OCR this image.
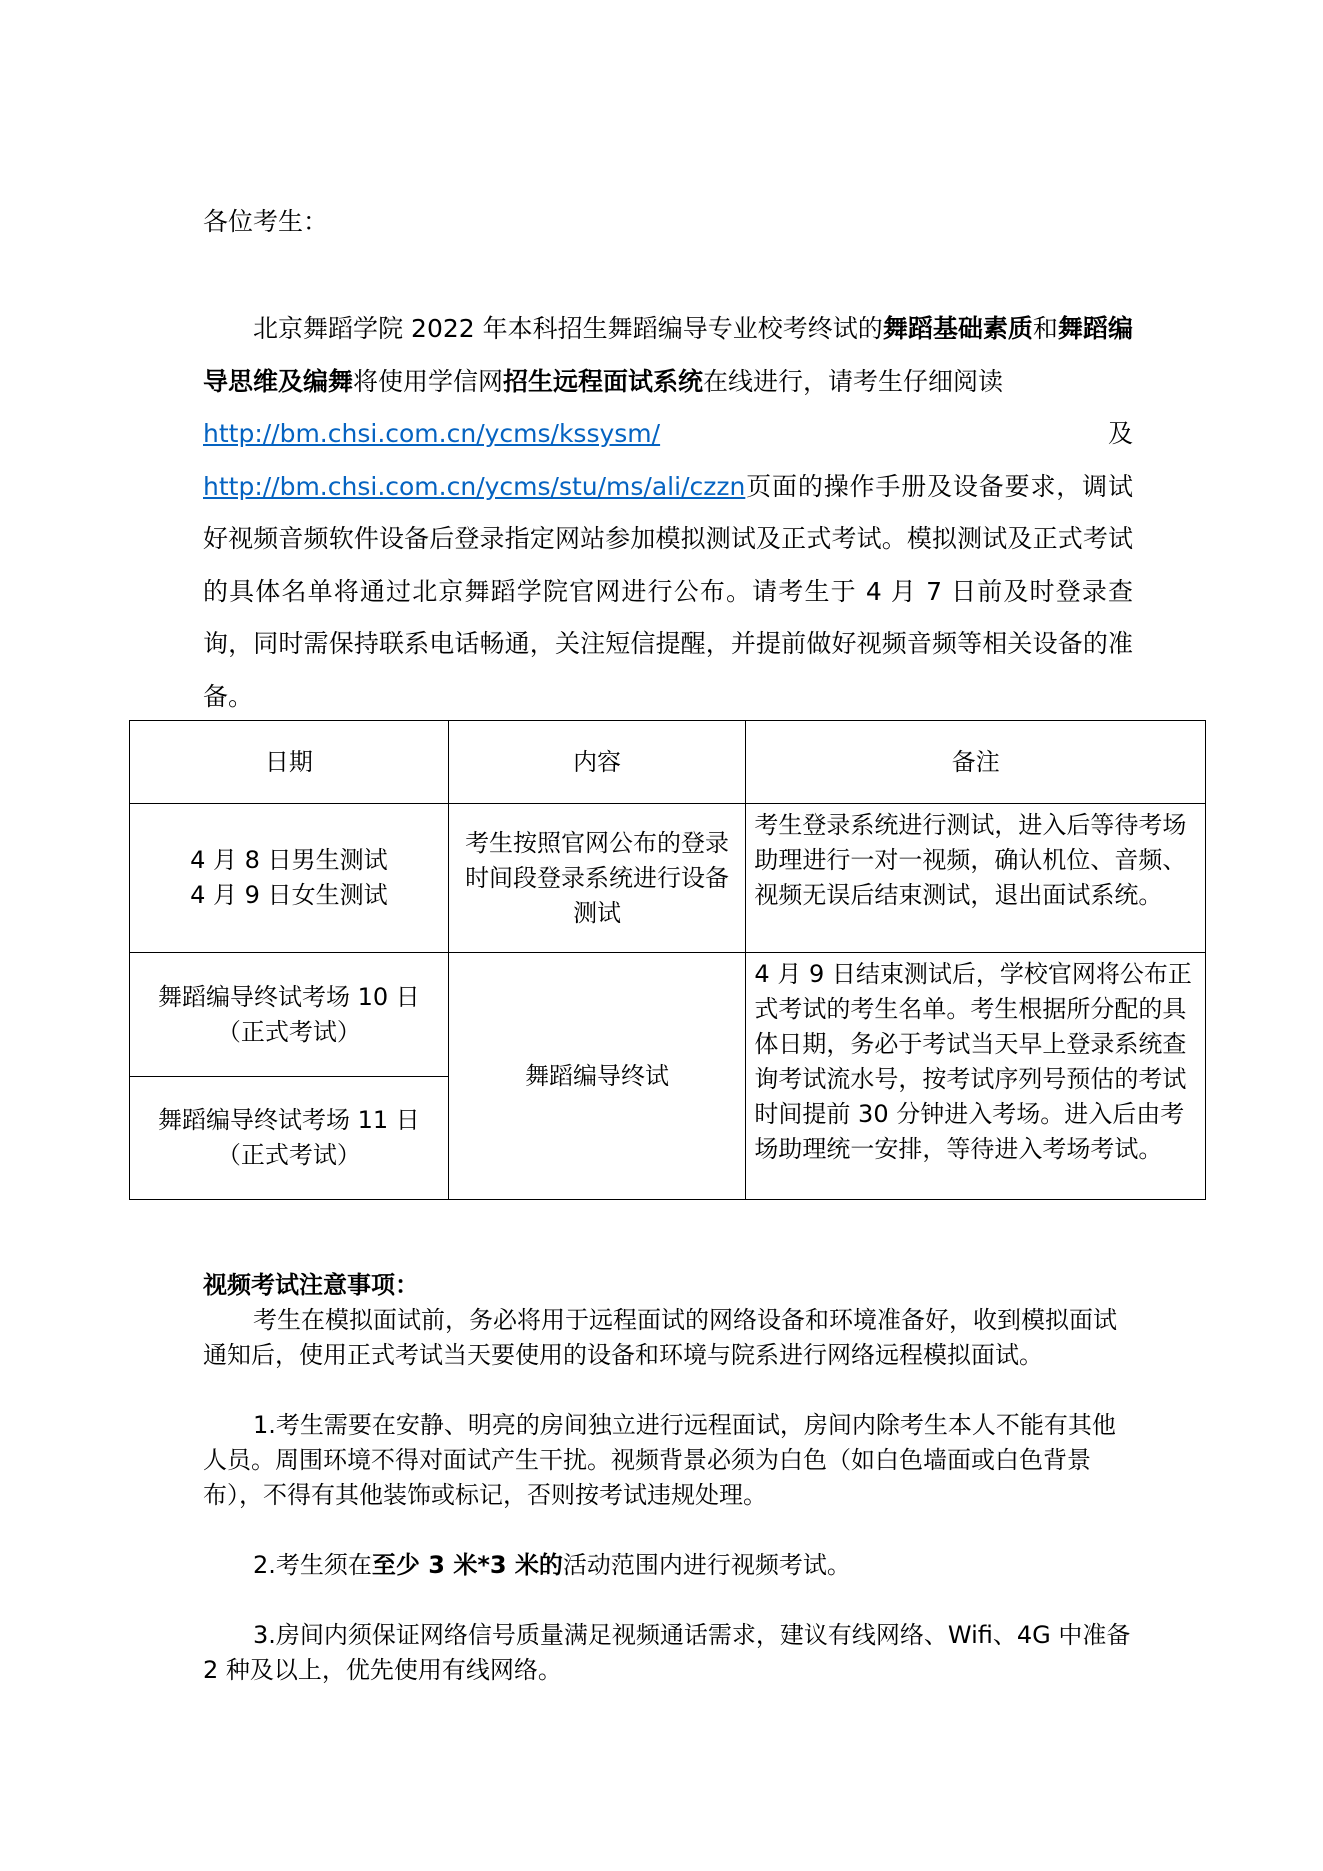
各位考生：

北京舞蹈学院 2022 年本科招生舞蹈编导专业校考终试的舞蹈基础素质和舞蹈编导思维及编舞将使用学信网招生远程面试系统在线进行，请考生仔细阅读
http://bm.chsi.com.cn/ycms/kssysm/及 http://bm.chsi.com.cn/ycms/stu/ms/ali/czzn页面的操作手册及设备要求，调试好视频音频软件设备后登录指定网站参加模拟测试及正式考试。模拟测试及正式考试的具体名单将通过北京舞蹈学院官网进行公布。请考生于 4 月 7 日前及时登录查询，同时需保持联系电话畅通，关注短信提醒，并提前做好视频音频等相关设备的准备。

日期	内容	备注

4 月 8 日男生测试
4 月 9 日女生测试	考生按照官网公布的登录时间段登录系统进行设备测试	考生登录系统进行测试，进入后等待考场助理进行一对一视频，确认机位、音频、视频无误后结束测试，退出面试系统。

舞蹈编导终试考场 10 日
（正式考试）	舞蹈编导终试	4 月 9 日结束测试后，学校官网将公布正式考试的考生名单。考生根据所分配的具体日期，务必于考试当天早上登录系统查询考试流水号，按考试序列号预估的考试时间提前 30 分钟进入考场。进入后由考场助理统一安排，等待进入考场考试。

舞蹈编导终试考场 11 日
（正式考试）		
视频考试注意事项：

考生在模拟面试前，务必将用于远程面试的网络设备和环境准备好，收到模拟面试通知后，使用正式考试当天要使用的设备和环境与院系进行网络远程模拟面试。

1.考生需要在安静、明亮的房间独立进行远程面试，房间内除考生本人不能有其他人员。周围环境不得对面试产生干扰。视频背景必须为白色（如白色墙面或白色背景布），不得有其他装饰或标记，否则按考试违规处理。

2.考生须在至少 3 米*3 米的活动范围内进行视频考试。

3.房间内须保证网络信号质量满足视频通话需求，建议有线网络、Wifi、4G 中准备 2 种及以上，优先使用有线网络。
